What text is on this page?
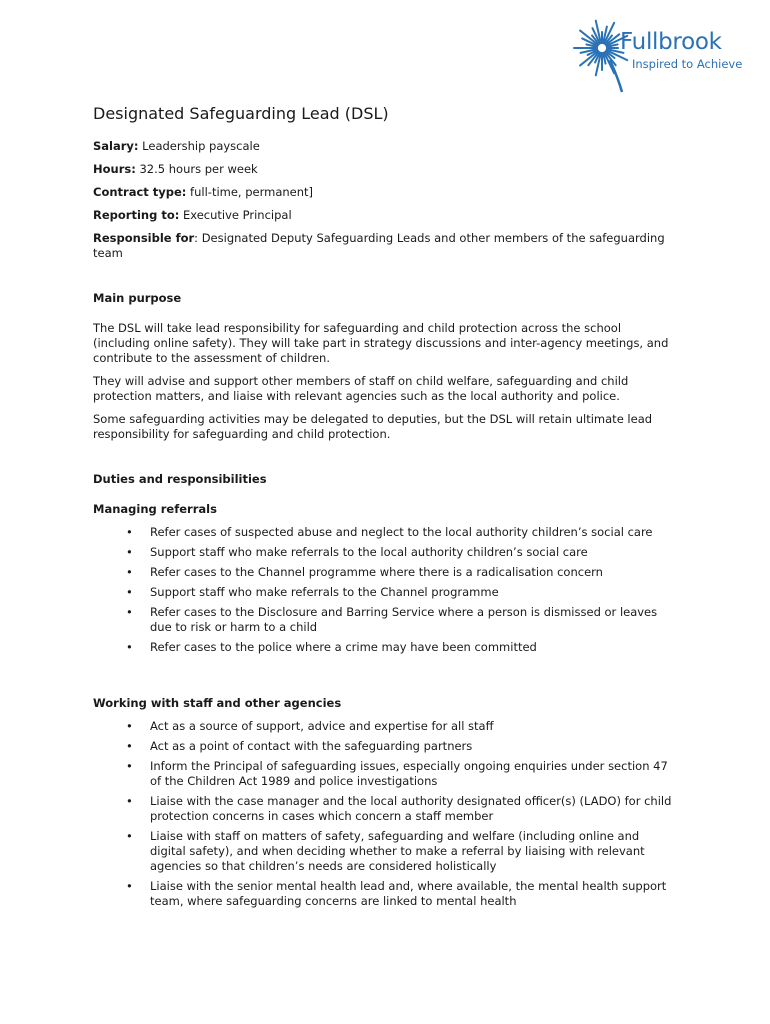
Fullbrook
Inspired to Achieve
Designated Safeguarding Lead (DSL)
Salary: Leadership payscale
Hours: 32.5 hours per week
Contract type: full-time, permanent]
Reporting to: Executive Principal
Responsible for: Designated Deputy Safeguarding Leads and other members of the safeguarding team
Main purpose
The DSL will take lead responsibility for safeguarding and child protection across the school (including online safety). They will take part in strategy discussions and inter-agency meetings, and contribute to the assessment of children.
They will advise and support other members of staff on child welfare, safeguarding and child protection matters, and liaise with relevant agencies such as the local authority and police.
Some safeguarding activities may be delegated to deputies, but the DSL will retain ultimate lead responsibility for safeguarding and child protection.
Duties and responsibilities
Managing referrals
• Refer cases of suspected abuse and neglect to the local authority children’s social care
• Support staff who make referrals to the local authority children’s social care
• Refer cases to the Channel programme where there is a radicalisation concern
• Support staff who make referrals to the Channel programme
• Refer cases to the Disclosure and Barring Service where a person is dismissed or leaves due to risk or harm to a child
• Refer cases to the police where a crime may have been committed
Working with staff and other agencies
• Act as a source of support, advice and expertise for all staff
• Act as a point of contact with the safeguarding partners
• Inform the Principal of safeguarding issues, especially ongoing enquiries under section 47 of the Children Act 1989 and police investigations
• Liaise with the case manager and the local authority designated officer(s) (LADO) for child protection concerns in cases which concern a staff member
• Liaise with staff on matters of safety, safeguarding and welfare (including online and digital safety), and when deciding whether to make a referral by liaising with relevant agencies so that children’s needs are considered holistically
• Liaise with the senior mental health lead and, where available, the mental health support team, where safeguarding concerns are linked to mental health
